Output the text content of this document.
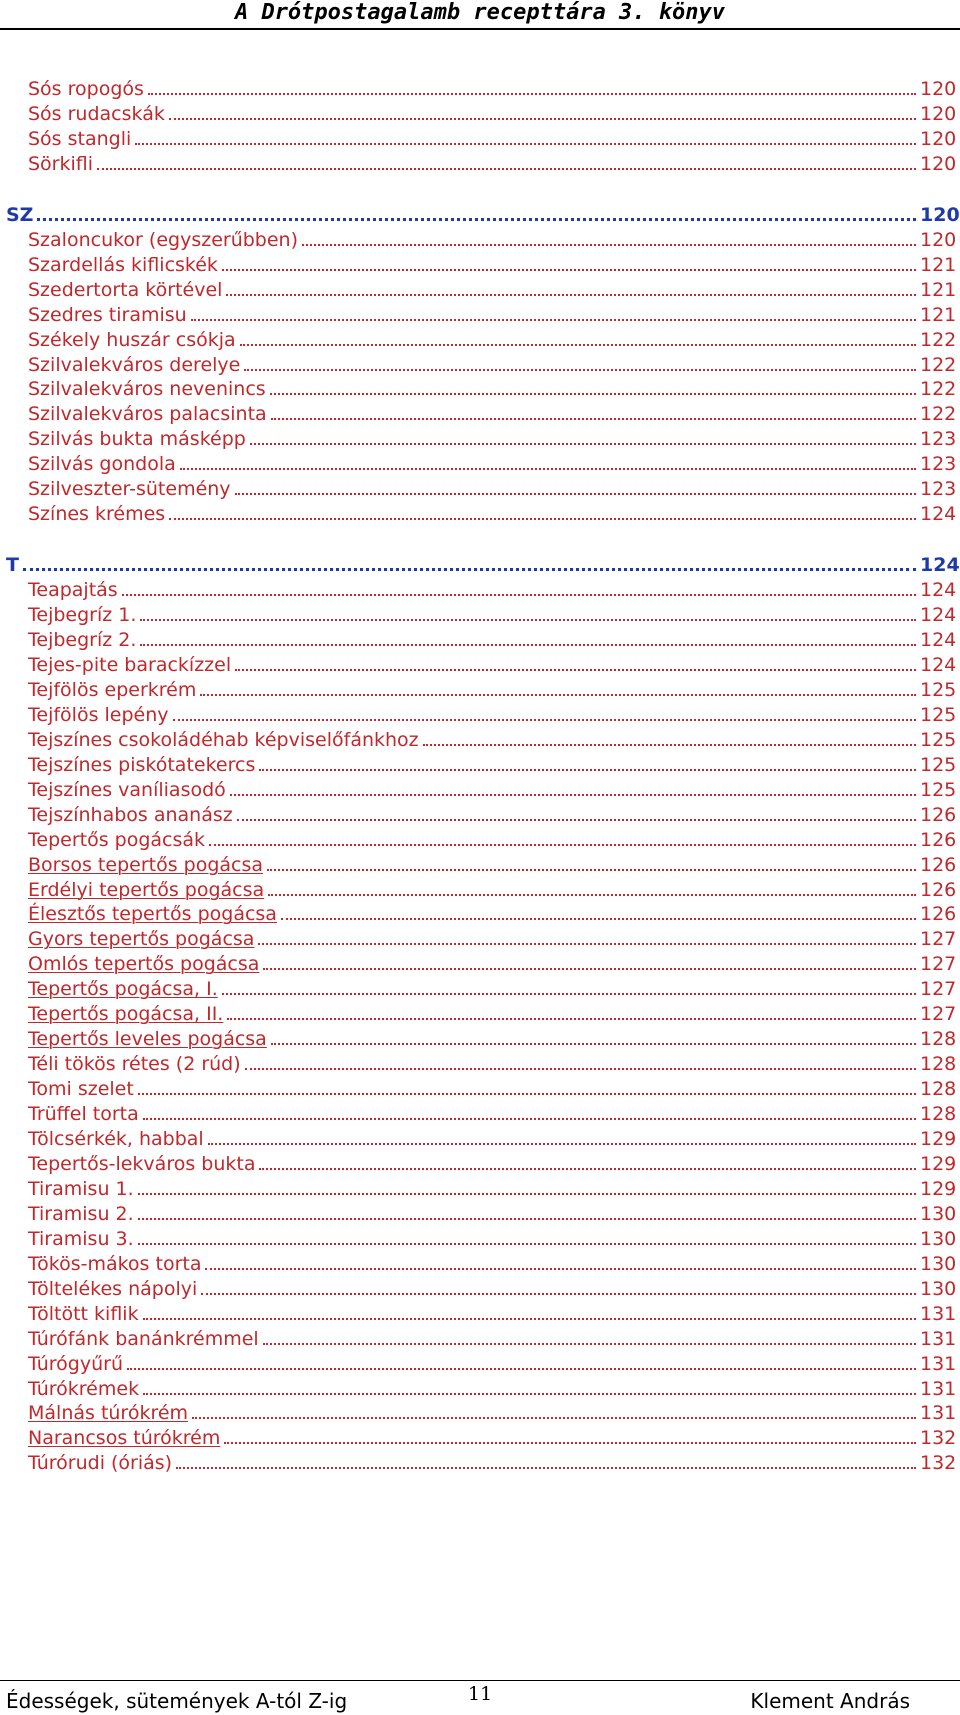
A Drótpostagalamb recepttára 3. könyv
Sós ropogós	120
Sós rudacskák	120
Sós stangli	120
Sörkifli	120
SZ	120
Szaloncukor (egyszerűbben)	120
Szardellás kiflicskék	121
Szedertorta körtével	121
Szedres tiramisu	121
Székely huszár csókja	122
Szilvalekváros derelye	122
Szilvalekváros nevenincs	122
Szilvalekváros palacsinta	122
Szilvás bukta másképp	123
Szilvás gondola	123
Szilveszter-sütemény	123
Színes krémes	124
T	124
Teapajtás	124
Tejbegríz 1.	124
Tejbegríz 2.	124
Tejes-pite barackízzel	124
Tejfölös eperkrém	125
Tejfölös lepény	125
Tejszínes csokoládéhab képviselőfánkhoz	125
Tejszínes piskótatekercs	125
Tejszínes vaníliasodó	125
Tejszínhabos ananász	126
Tepertős pogácsák	126
Borsos tepertős pogácsa	126
Erdélyi tepertős pogácsa	126
Élesztős tepertős pogácsa	126
Gyors tepertős pogácsa	127
Omlós tepertős pogácsa	127
Tepertős pogácsa, I.	127
Tepertős pogácsa, II.	127
Tepertős leveles pogácsa	128
Téli tökös rétes (2 rúd)	128
Tomi szelet	128
Trüffel torta	128
Tölcsérkék, habbal	129
Tepertős-lekváros bukta	129
Tiramisu 1.	129
Tiramisu 2.	130
Tiramisu 3.	130
Tökös-mákos torta	130
Töltelékes nápolyi	130
Töltött kiflik	131
Túrófánk banánkrémmel	131
Túrógyűrű	131
Túrókrémek	131
Málnás túrókrém	131
Narancsos túrókrém	132
Túrórudi (óriás)	132
Édességek, sütemények A-tól Z-ig	11	Klement András
